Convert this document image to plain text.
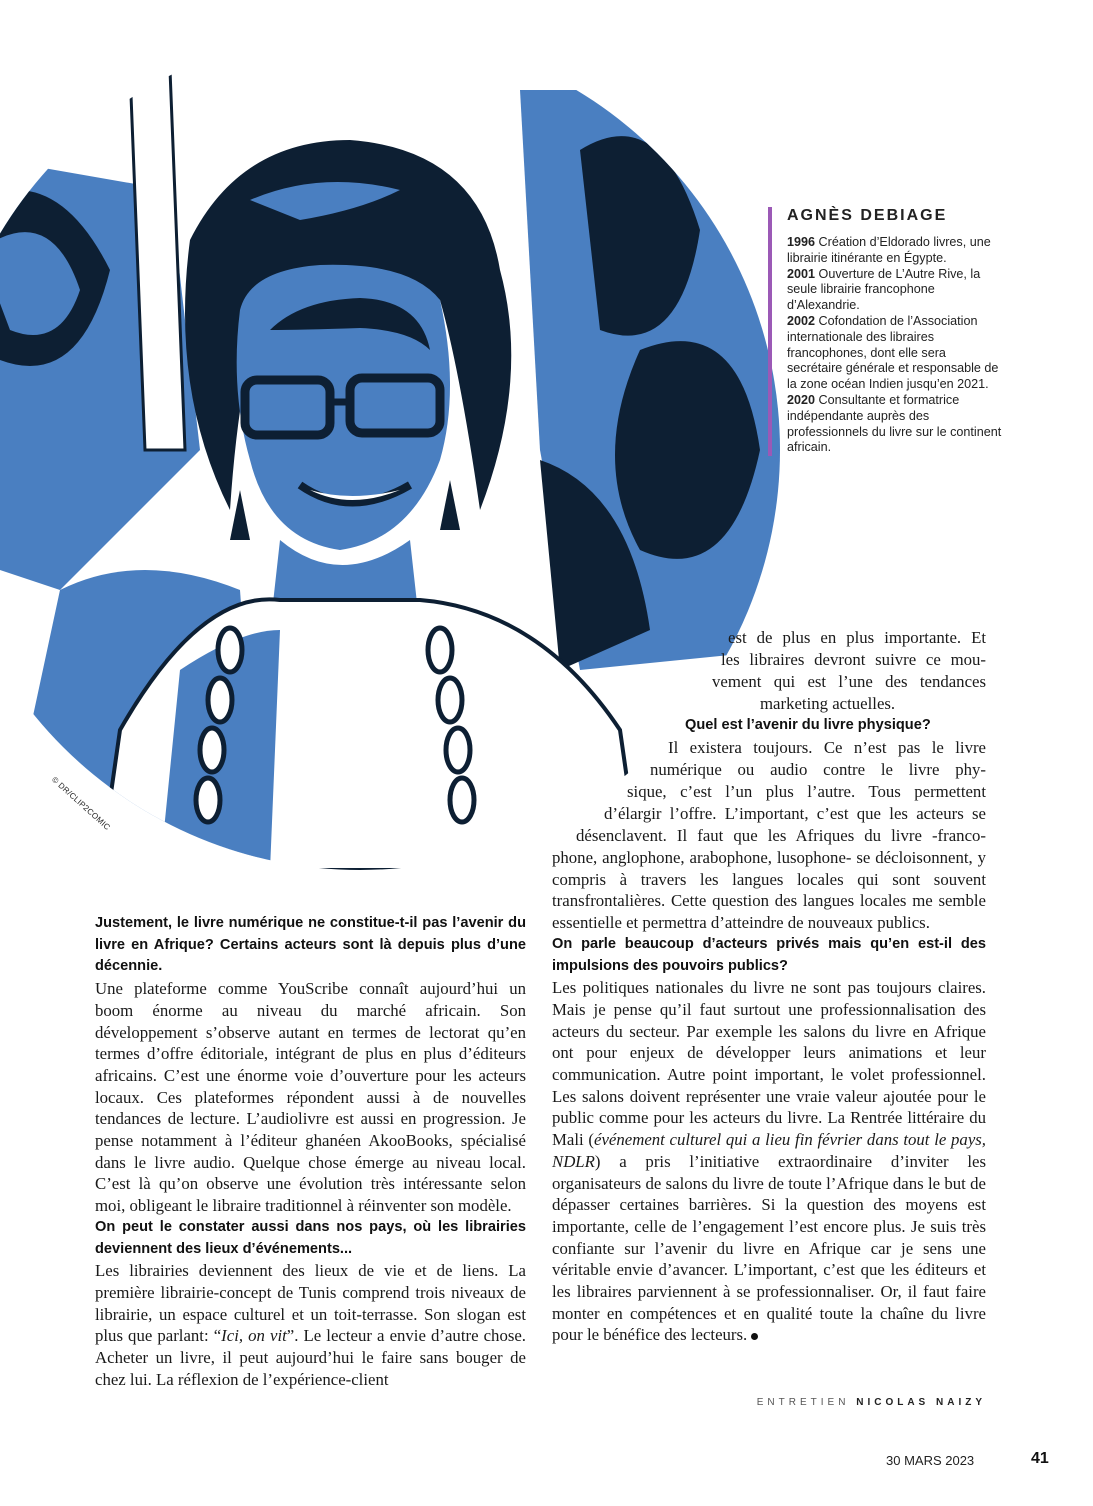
© DR/CLIP2COMIC
AGNÈS DEBIAGE

1996 Création d’Eldorado livres, une librairie itinérante en Égypte.

2001 Ouverture de L’Autre Rive, la seule librairie francophone d’Alexandrie.

2002 Cofondation de l’Association internationale des libraires francophones, dont elle sera secrétaire générale et responsable de la zone océan Indien jusqu’en 2021.

2020 Consultante et formatrice indépendante auprès des professionnels du livre sur le continent africain.

est de plus en plus importante. Et
les libraires devront suivre ce mou-
vement qui est l’une des tendances
marketing actuelles.
Quel est l’avenir du livre physique?
Il existera toujours. Ce n’est pas le livre
numérique ou audio contre le livre phy-
sique, c’est l’un plus l’autre. Tous permettent
d’élargir l’offre. L’important, c’est que les acteurs se
désenclavent. Il faut que les Afriques du livre -franco-

phone, anglophone, arabophone, lusophone- se décloisonnent, y compris à travers les langues locales qui sont souvent transfrontalières. Cette question des langues locales me semble essentielle et permettra d’atteindre de nouveaux publics.

On parle beaucoup d’acteurs privés mais qu’en est-il des impulsions des pouvoirs publics?

Les politiques nationales du livre ne sont pas toujours claires. Mais je pense qu’il faut surtout une professionnalisation des acteurs du secteur. Par exemple les salons du livre en Afrique ont pour enjeux de développer leurs animations et leur communication. Autre point important, le volet professionnel. Les salons doivent représenter une vraie valeur ajoutée pour le public comme pour les acteurs du livre. La Rentrée littéraire du Mali (événement culturel qui a lieu fin février dans tout le pays, NDLR) a pris l’initiative extraordinaire d’inviter les organisateurs de salons du livre de toute l’Afrique dans le but de dépasser certaines barrières. Si la question des moyens est importante, celle de l’engagement l’est encore plus. Je suis très confiante sur l’avenir du livre en Afrique car je sens une véritable envie d’avancer. L’important, c’est que les éditeurs et les libraires parviennent à se professionnaliser. Or, il faut faire monter en compétences et en qualité toute la chaîne du livre pour le bénéfice des lecteurs.

Justement, le livre numérique ne constitue-t-il pas l’avenir du livre en Afrique? Certains acteurs sont là depuis plus d’une décennie.

Une plateforme comme YouScribe connaît aujourd’hui un boom énorme au niveau du marché africain. Son développement s’observe autant en termes de lectorat qu’en termes d’offre éditoriale, intégrant de plus en plus d’éditeurs africains. C’est une énorme voie d’ouverture pour les acteurs locaux. Ces plateformes répondent aussi à de nouvelles tendances de lecture. L’audiolivre est aussi en progression. Je pense notamment à l’éditeur ghanéen AkooBooks, spécialisé dans le livre audio. Quelque chose émerge au niveau local. C’est là qu’on observe une évolution très intéressante selon moi, obligeant le libraire traditionnel à réinventer son modèle.

On peut le constater aussi dans nos pays, où les librairies deviennent des lieux d’événements...

Les librairies deviennent des lieux de vie et de liens. La première librairie-concept de Tunis comprend trois niveaux de librairie, un espace culturel et un toit-terrasse. Son slogan est plus que parlant: “Ici, on vit”. Le lecteur a envie d’autre chose. Acheter un livre, il peut aujourd’hui le faire sans bouger de chez lui. La réflexion de l’expérience-client

ENTRETIEN NICOLAS NAIZY
30 MARS 2023	41
